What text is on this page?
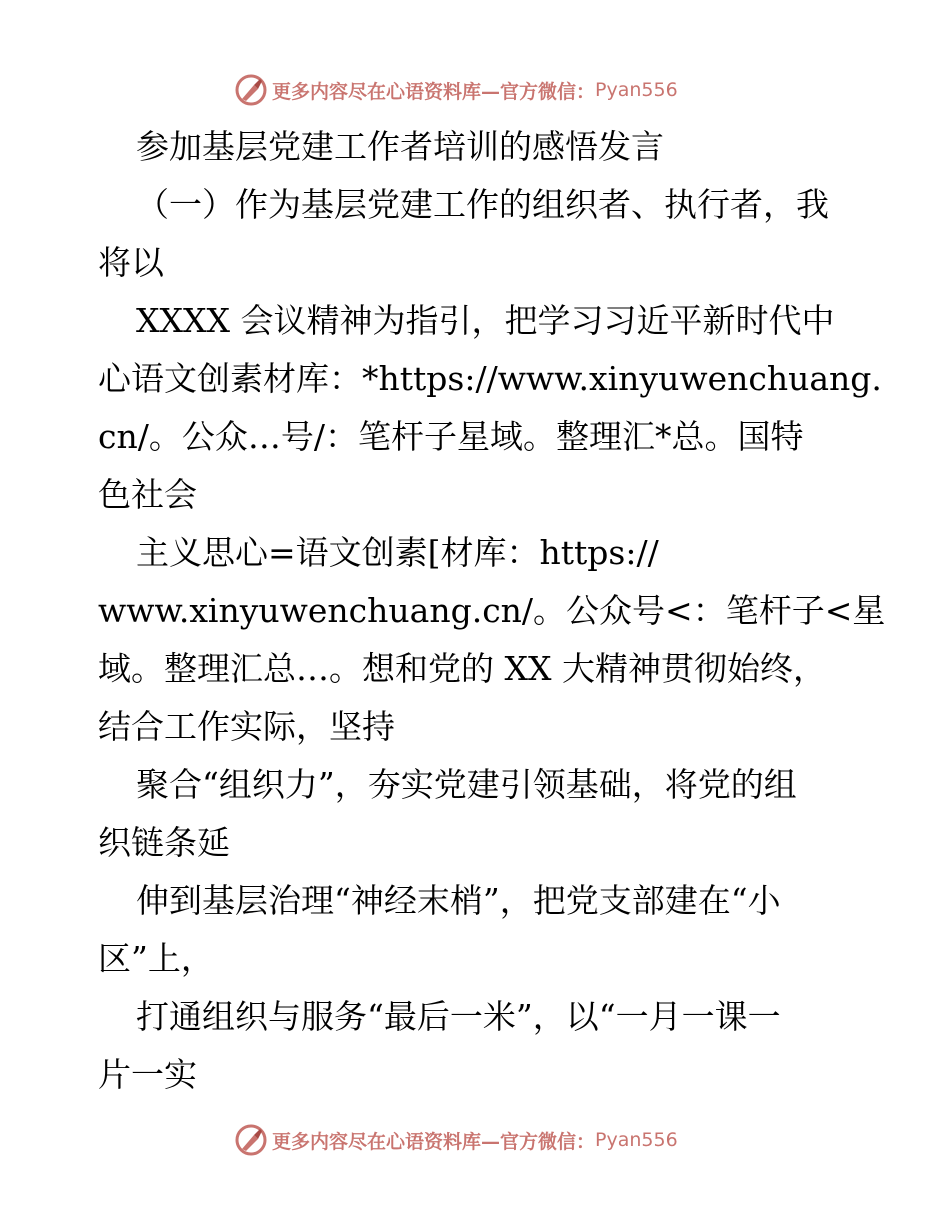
更多内容尽在心语资料库—官方微信： Pyan556
参加基层党建工作者培训的感悟发言
（一）作为基层党建工作的组织者、执行者，我
将以
XXXX 会议精神为指引，把学习习近平新时代中
心语文创素材库：*https://www.xinyuwenchuang.
cn/。公众…号/：笔杆子星域。整理汇*总。国特
色社会
主义思心=语文创素[材库：https://
www.xinyuwenchuang.cn/。公众号<：笔杆子<星
域。整理汇总…。想和党的 XX 大精神贯彻始终，
结合工作实际，坚持
聚合“组织力”，夯实党建引领基础，将党的组
织链条延
伸到基层治理“神经末梢”，把党支部建在“小
区”上，
打通组织与服务“最后一米”，以“一月一课一
片一实
更多内容尽在心语资料库—官方微信： Pyan556
